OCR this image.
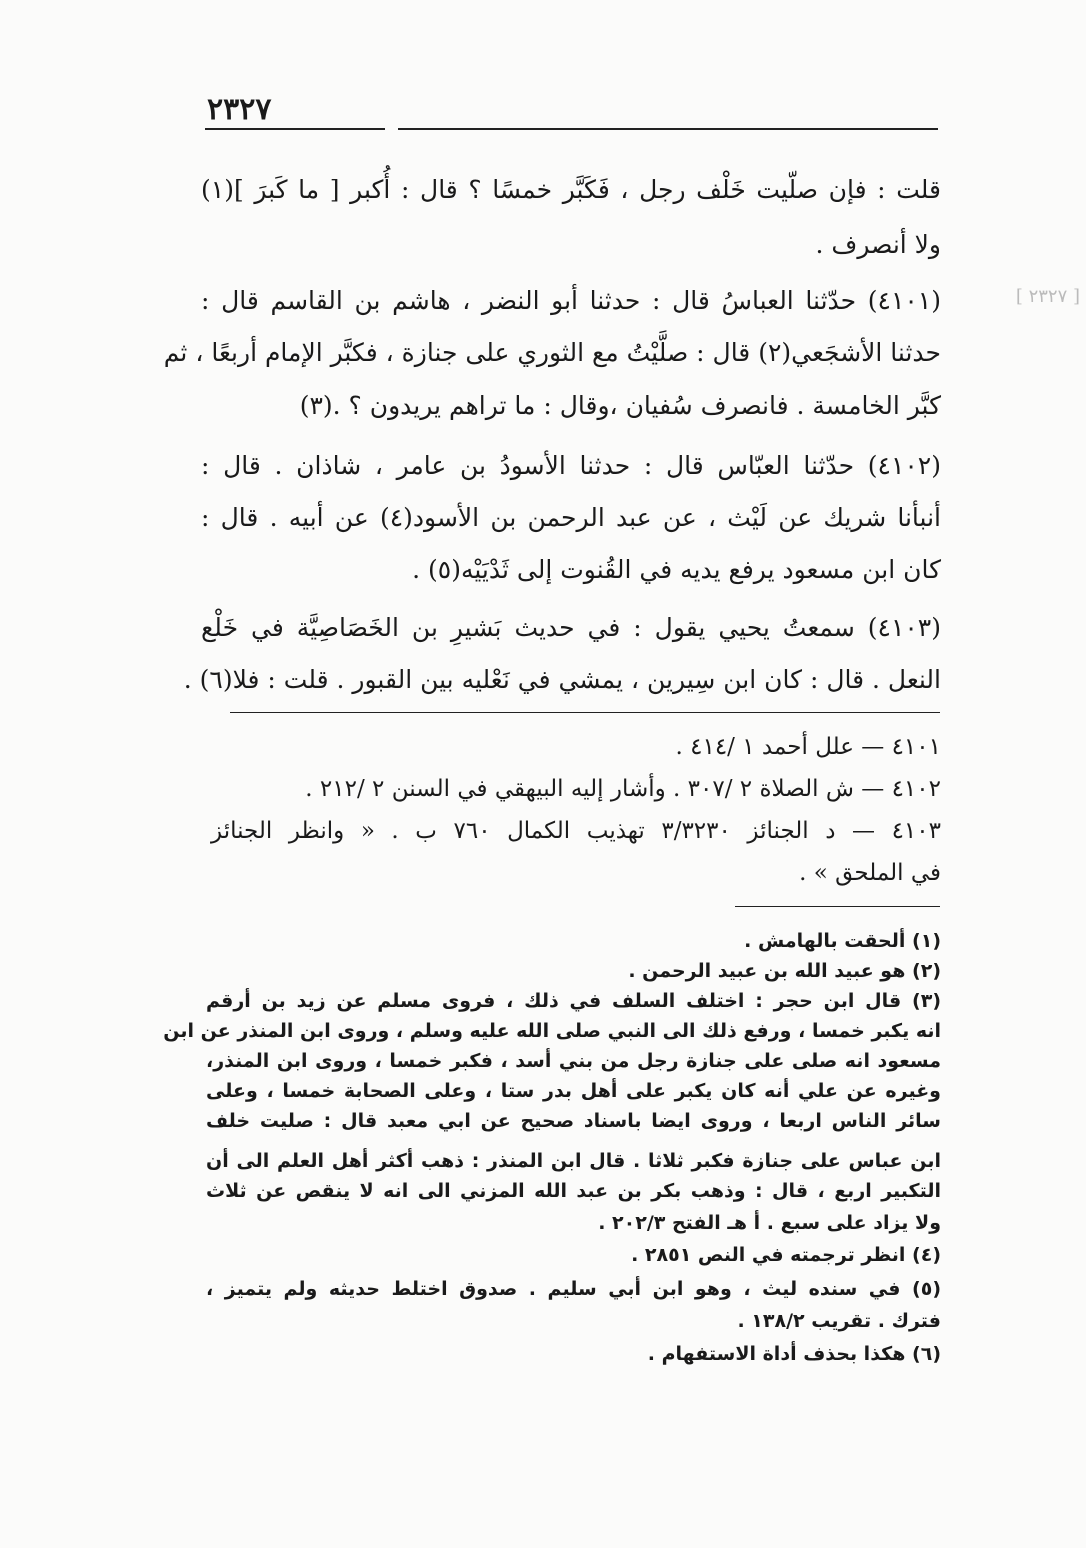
٢٣٢٧
[ ٢٣٢٧ ]
قلت : فإن صلّيت خَلْف رجل ، فَكَبَّر خمسًا ؟ قال : أُكبر [ ما كَبرَ ](١)
ولا أنصرف .
(٤١٠١) حدّثنا العباسُ قال : حدثنا أبو النضر ، هاشم بن القاسم قال :
حدثنا الأشجَعي(٢) قال : صلَّيْتُ مع الثوري على جنازة ، فكبَّر الإمام أربعًا ، ثم
كبَّر الخامسة . فانصرف سُفيان ،وقال : ما تراهم يريدون ؟ .(٣)
(٤١٠٢) حدّثنا العبّاس قال : حدثنا الأسودُ بن عامر ، شاذان . قال :
أنبأنا شريك عن لَيْث ، عن عبد الرحمن بن الأسود(٤) عن أبيه . قال :
كان ابن مسعود يرفع يديه في القُنوت إلى ثَدْيَيْه(٥) .
(٤١٠٣) سمعتُ يحيي يقول : في حديث بَشيرِ بن الخَصَاصِيَّة في خَلْع
النعل . قال : كان ابن سِيرين ، يمشي في نَعْليه بين القبور . قلت : فلا(٦) .
٤١٠١ — علل أحمد ١ /٤١٤ .
٤١٠٢ — ش الصلاة ٢ /٣٠٧ . وأشار إليه البيهقي في السنن ٢ /٢١٢ .
٤١٠٣ — د الجنائز ٣/٣٢٣٠ تهذيب الكمال ٧٦٠ ب . « وانظر الجنائز
في الملحق » .
(١) ألحقت بالهامش .
(٢) هو عبيد الله بن عبيد الرحمن .
(٣) قال ابن حجر : اختلف السلف في ذلك ، فروى مسلم عن زيد بن أرقم
انه يكبر خمسا ، ورفع ذلك الى النبي صلى الله عليه وسلم ، وروى ابن المنذر عن ابن
مسعود انه صلى على جنازة رجل من بني أسد ، فكبر خمسا ، وروى ابن المنذر،
وغيره عن علي أنه كان يكبر على أهل بدر ستا ، وعلى الصحابة خمسا ، وعلى
سائر الناس اربعا ، وروى ايضا باسناد صحيح عن ابي معبد قال : صليت خلف
ابن عباس على جنازة فكبر ثلاثا . قال ابن المنذر : ذهب أكثر أهل العلم الى أن
التكبير اربع ، قال : وذهب بكر بن عبد الله المزني الى انه لا ينقص عن ثلاث
ولا يزاد على سبع . أ هـ الفتح ٢٠٢/٣ .
(٤) انظر ترجمته في النص ٢٨٥١ .
(٥) في سنده ليث ، وهو ابن أبي سليم . صدوق اختلط حديثه ولم يتميز ،
فترك . تقريب ١٣٨/٢ .
(٦) هكذا بحذف أداة الاستفهام .
